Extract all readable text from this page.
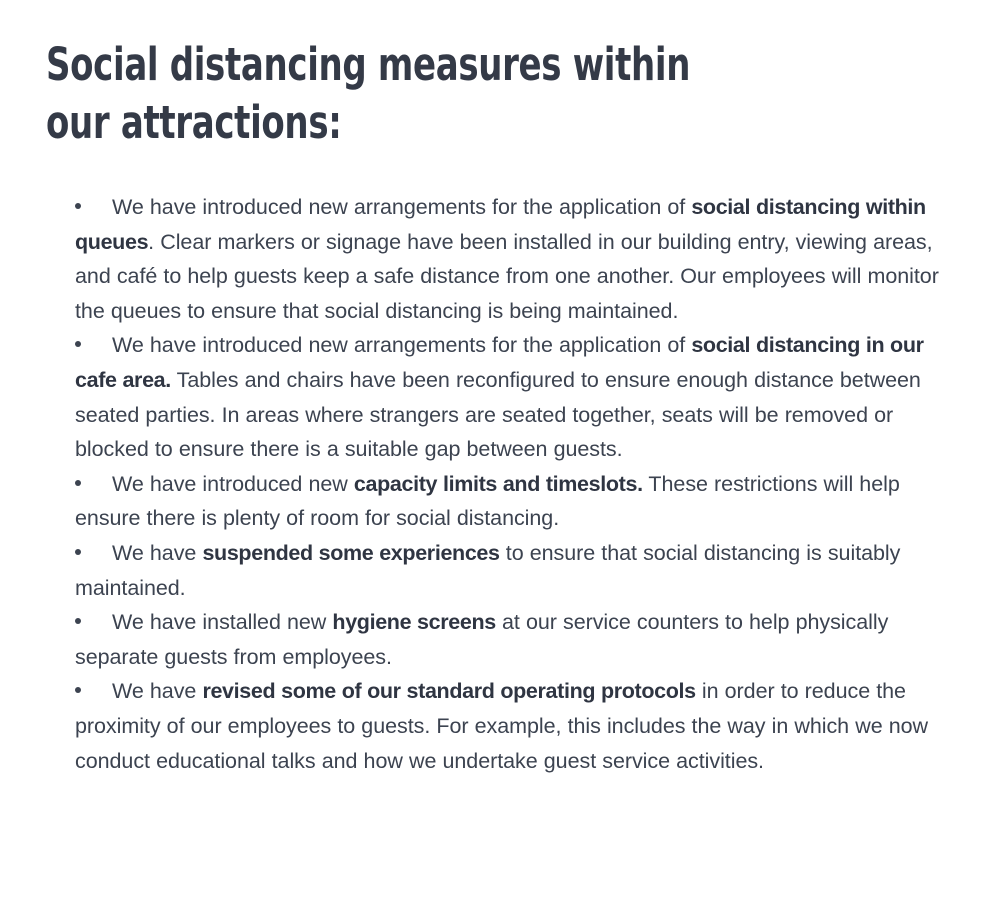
Social distancing measures within our attractions:
We have introduced new arrangements for the application of social distancing within queues. Clear markers or signage have been installed in our building entry, viewing areas, and café to help guests keep a safe distance from one another. Our employees will monitor the queues to ensure that social distancing is being maintained.
We have introduced new arrangements for the application of social distancing in our cafe area. Tables and chairs have been reconfigured to ensure enough distance between seated parties. In areas where strangers are seated together, seats will be removed or blocked to ensure there is a suitable gap between guests.
We have introduced new capacity limits and timeslots. These restrictions will help ensure there is plenty of room for social distancing.
We have suspended some experiences to ensure that social distancing is suitably maintained.
We have installed new hygiene screens at our service counters to help physically separate guests from employees.
We have revised some of our standard operating protocols in order to reduce the proximity of our employees to guests. For example, this includes the way in which we now conduct educational talks and how we undertake guest service activities.
